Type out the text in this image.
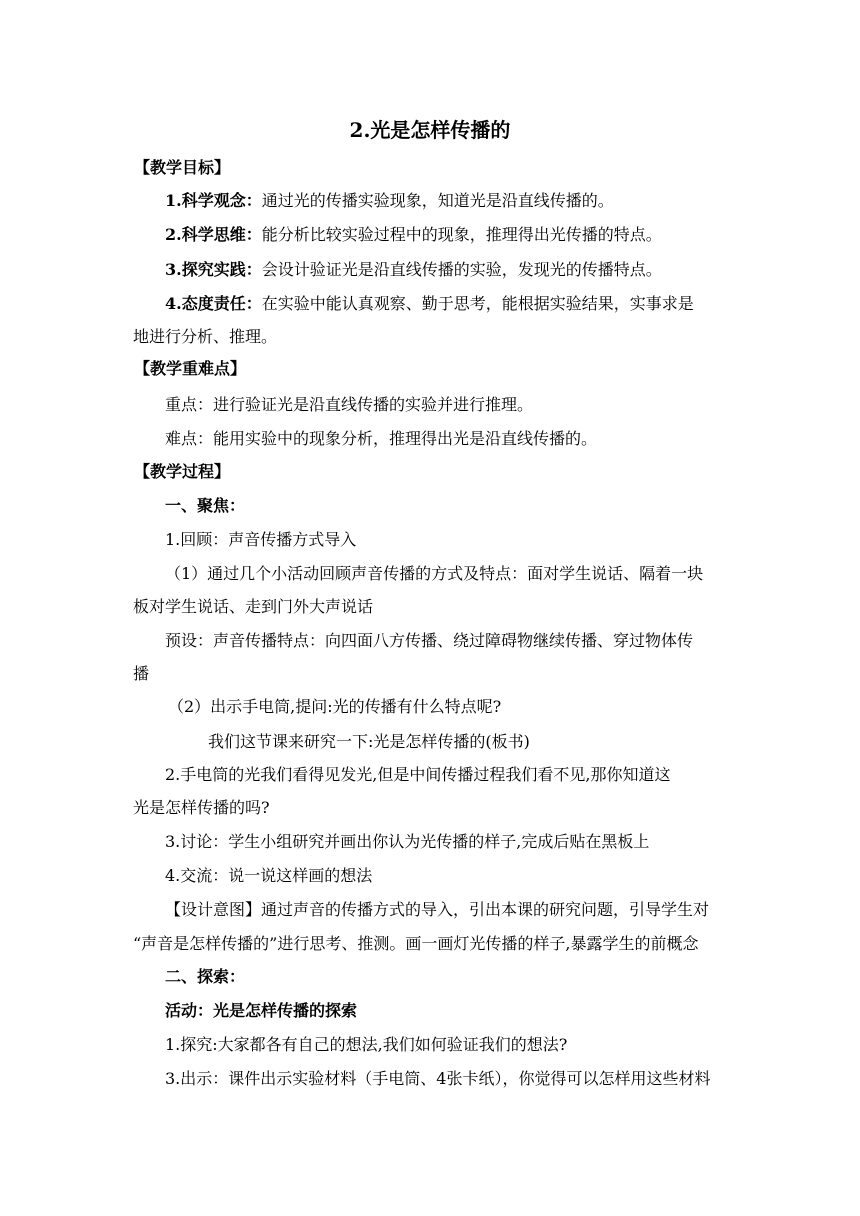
2.光是怎样传播的
【教学目标】
1.科学观念：通过光的传播实验现象，知道光是沿直线传播的。
2.科学思维：能分析比较实验过程中的现象，推理得出光传播的特点。
3.探究实践：会设计验证光是沿直线传播的实验，发现光的传播特点。
4.态度责任：在实验中能认真观察、勤于思考，能根据实验结果，实事求是
地进行分析、推理。
【教学重难点】
重点：进行验证光是沿直线传播的实验并进行推理。
难点：能用实验中的现象分析，推理得出光是沿直线传播的。
【教学过程】
一、聚焦：
1.回顾：声音传播方式导入
（1）通过几个小活动回顾声音传播的方式及特点：面对学生说话、隔着一块
板对学生说话、走到门外大声说话
预设：声音传播特点：向四面八方传播、绕过障碍物继续传播、穿过物体传
播
（2）出示手电筒,提问:光的传播有什么特点呢?
我们这节课来研究一下:光是怎样传播的(板书)
2.手电筒的光我们看得见发光,但是中间传播过程我们看不见,那你知道这
光是怎样传播的吗?
3.讨论：学生小组研究并画出你认为光传播的样子,完成后贴在黑板上
4.交流：说一说这样画的想法
【设计意图】通过声音的传播方式的导入，引出本课的研究问题，引导学生对
“声音是怎样传播的”进行思考、推测。画一画灯光传播的样子,暴露学生的前概念
二、探索：
活动：光是怎样传播的探索
1.探究:大家都各有自己的想法,我们如何验证我们的想法?
3.出示：课件出示实验材料（手电筒、4张卡纸），你觉得可以怎样用这些材料
